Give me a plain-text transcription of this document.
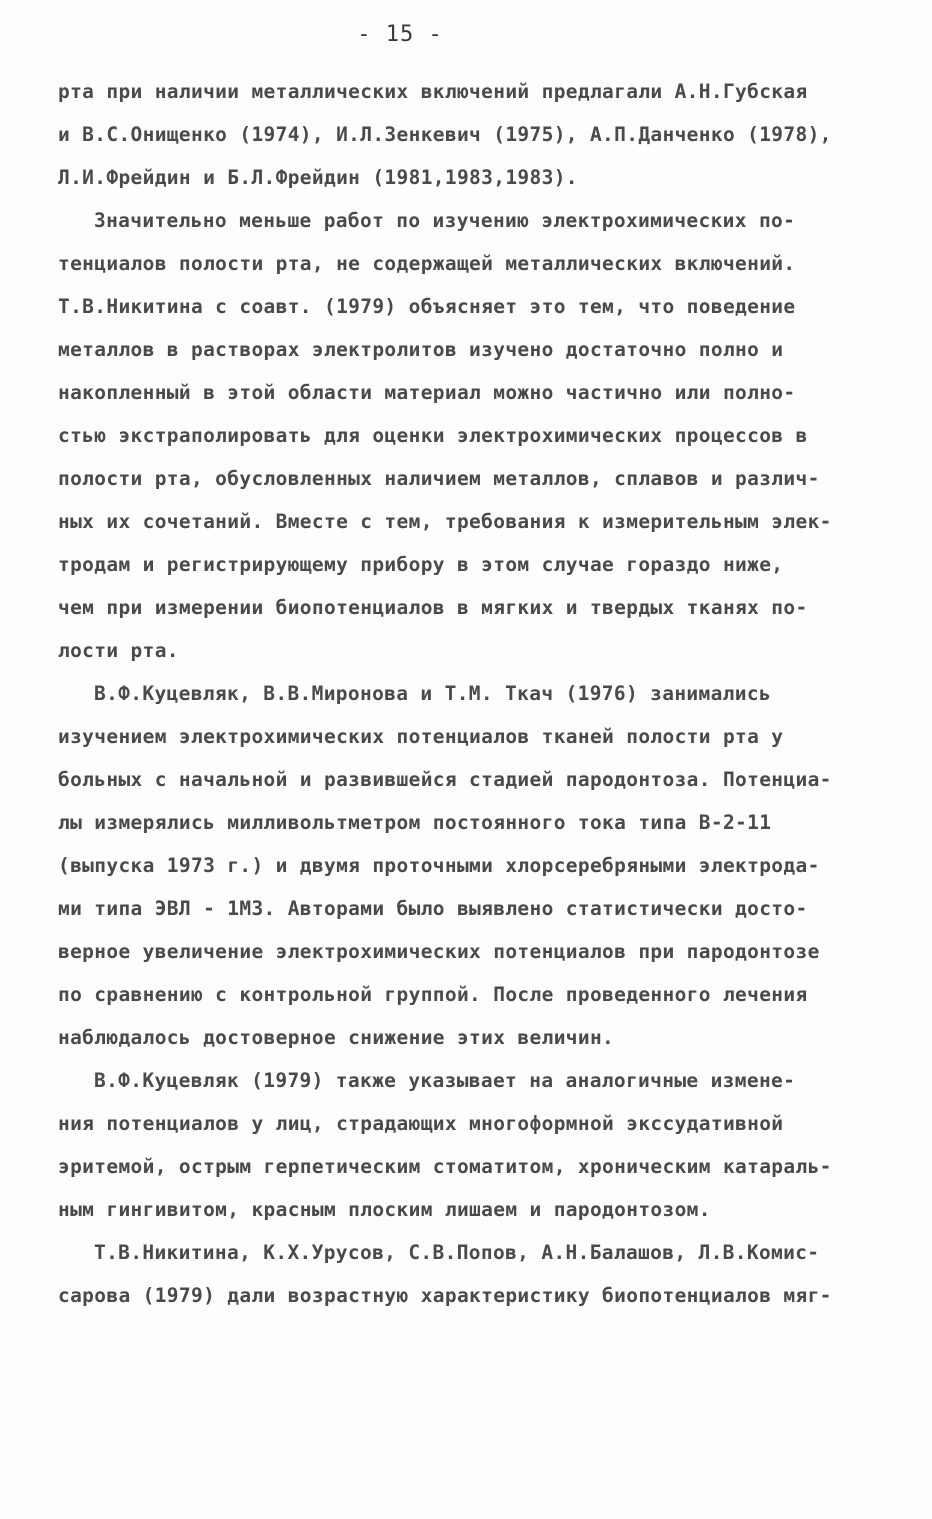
- 15 -
рта при наличии металлических включений предлагали А.Н.Губская
и В.С.Онищенко (1974), И.Л.Зенкевич (1975), А.П.Данченко (1978),
Л.И.Фрейдин и Б.Л.Фрейдин (1981,1983,1983).
Значительно меньше работ по изучению электрохимических по-
тенциалов полости рта, не содержащей металлических включений.
Т.В.Никитина с соавт. (1979) объясняет это тем, что поведение
металлов в растворах электролитов изучено достаточно полно и
накопленный в этой области материал можно частично или полно-
стью экстраполировать для оценки электрохимических процессов в
полости рта, обусловленных наличием металлов, сплавов и различ-
ных их сочетаний. Вместе с тем, требования к измерительным элек-
тродам и регистрирующему прибору в этом случае гораздо ниже,
чем при измерении биопотенциалов в мягких и твердых тканях по-
лости рта.
В.Ф.Куцевляк, В.В.Миронова и Т.М. Ткач (1976) занимались
изучением электрохимических потенциалов тканей полости рта у
больных с начальной и развившейся стадией пародонтоза. Потенциа-
лы измерялись милливольтметром постоянного тока типа В-2-11
(выпуска 1973 г.) и двумя проточными хлорсеребряными электрода-
ми типа ЭВЛ - 1М3. Авторами было выявлено статистически досто-
верное увеличение электрохимических потенциалов при пародонтозе
по сравнению с контрольной группой. После проведенного лечения
наблюдалось достоверное снижение этих величин.
В.Ф.Куцевляк (1979) также указывает на аналогичные измене-
ния потенциалов у лиц, страдающих многоформной экссудативной
эритемой, острым герпетическим стоматитом, хроническим катараль-
ным гингивитом, красным плоским лишаем и пародонтозом.
Т.В.Никитина, К.Х.Урусов, С.В.Попов, А.Н.Балашов, Л.В.Комис-
сарова (1979) дали возрастную характеристику биопотенциалов мяг-
